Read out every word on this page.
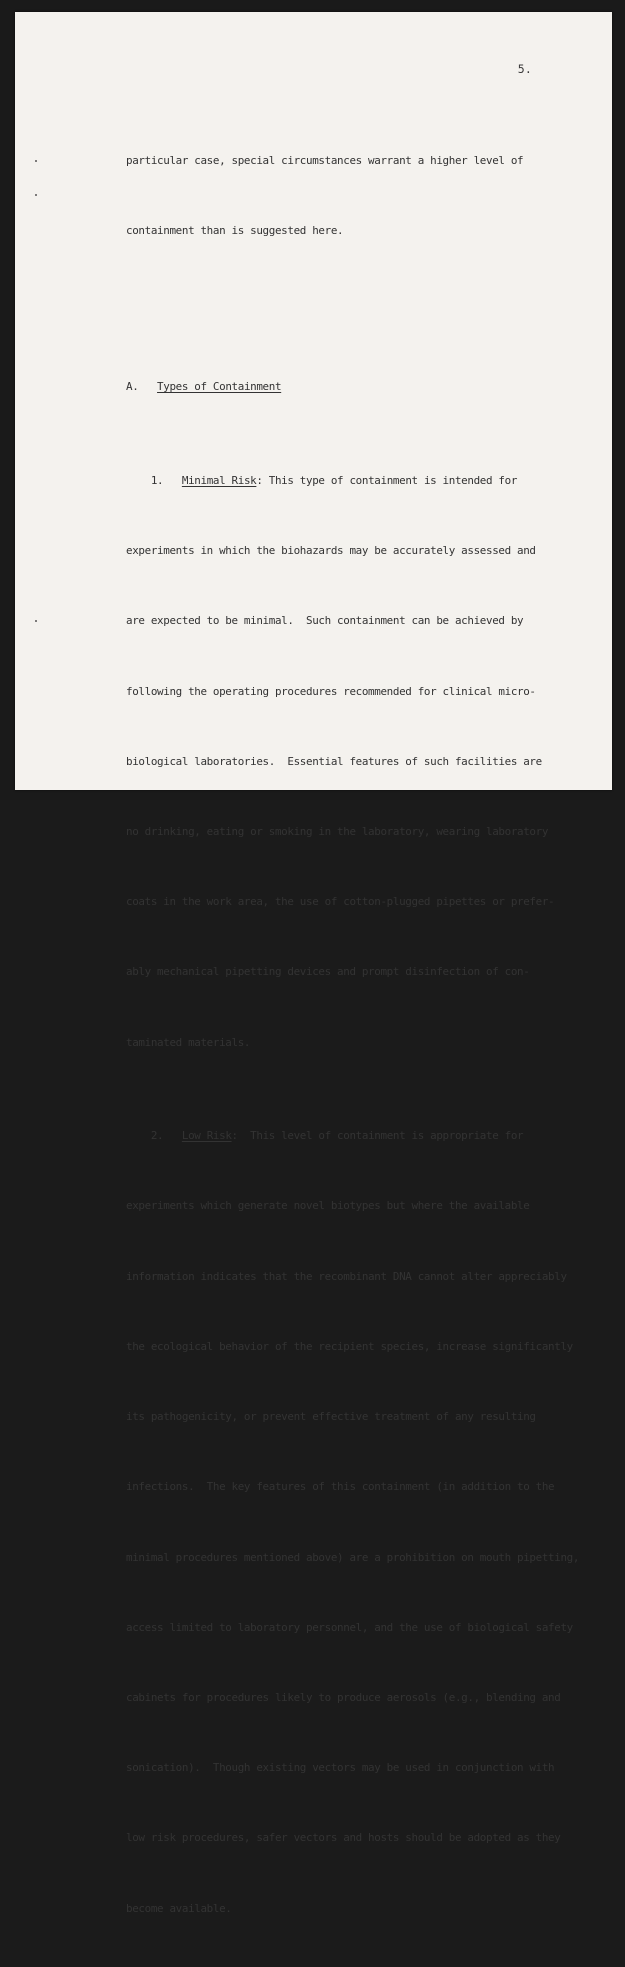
5.

particular case, special circumstances warrant a higher level of

containment than is suggested here.

A. Types of Containment

1. Minimal Risk: This type of containment is intended for

experiments in which the biohazards may be accurately assessed and

are expected to be minimal.  Such containment can be achieved by

following the operating procedures recommended for clinical micro-

biological laboratories.  Essential features of such facilities are

no drinking, eating or smoking in the laboratory, wearing laboratory

coats in the work area, the use of cotton-plugged pipettes or prefer-

ably mechanical pipetting devices and prompt disinfection of con-

taminated materials.

2. Low Risk:  This level of containment is appropriate for

experiments which generate novel biotypes but where the available

information indicates that the recombinant DNA cannot alter appreciably

the ecological behavior of the recipient species, increase significantly

its pathogenicity, or prevent effective treatment of any resulting

infections.  The key features of this containment (in addition to the

minimal procedures mentioned above) are a prohibition on mouth pipetting,

access limited to laboratory personnel, and the use of biological safety

cabinets for procedures likely to produce aerosols (e.g., blending and

sonication).  Though existing vectors may be used in conjunction with

low risk procedures, safer vectors and hosts should be adopted as they

become available.
